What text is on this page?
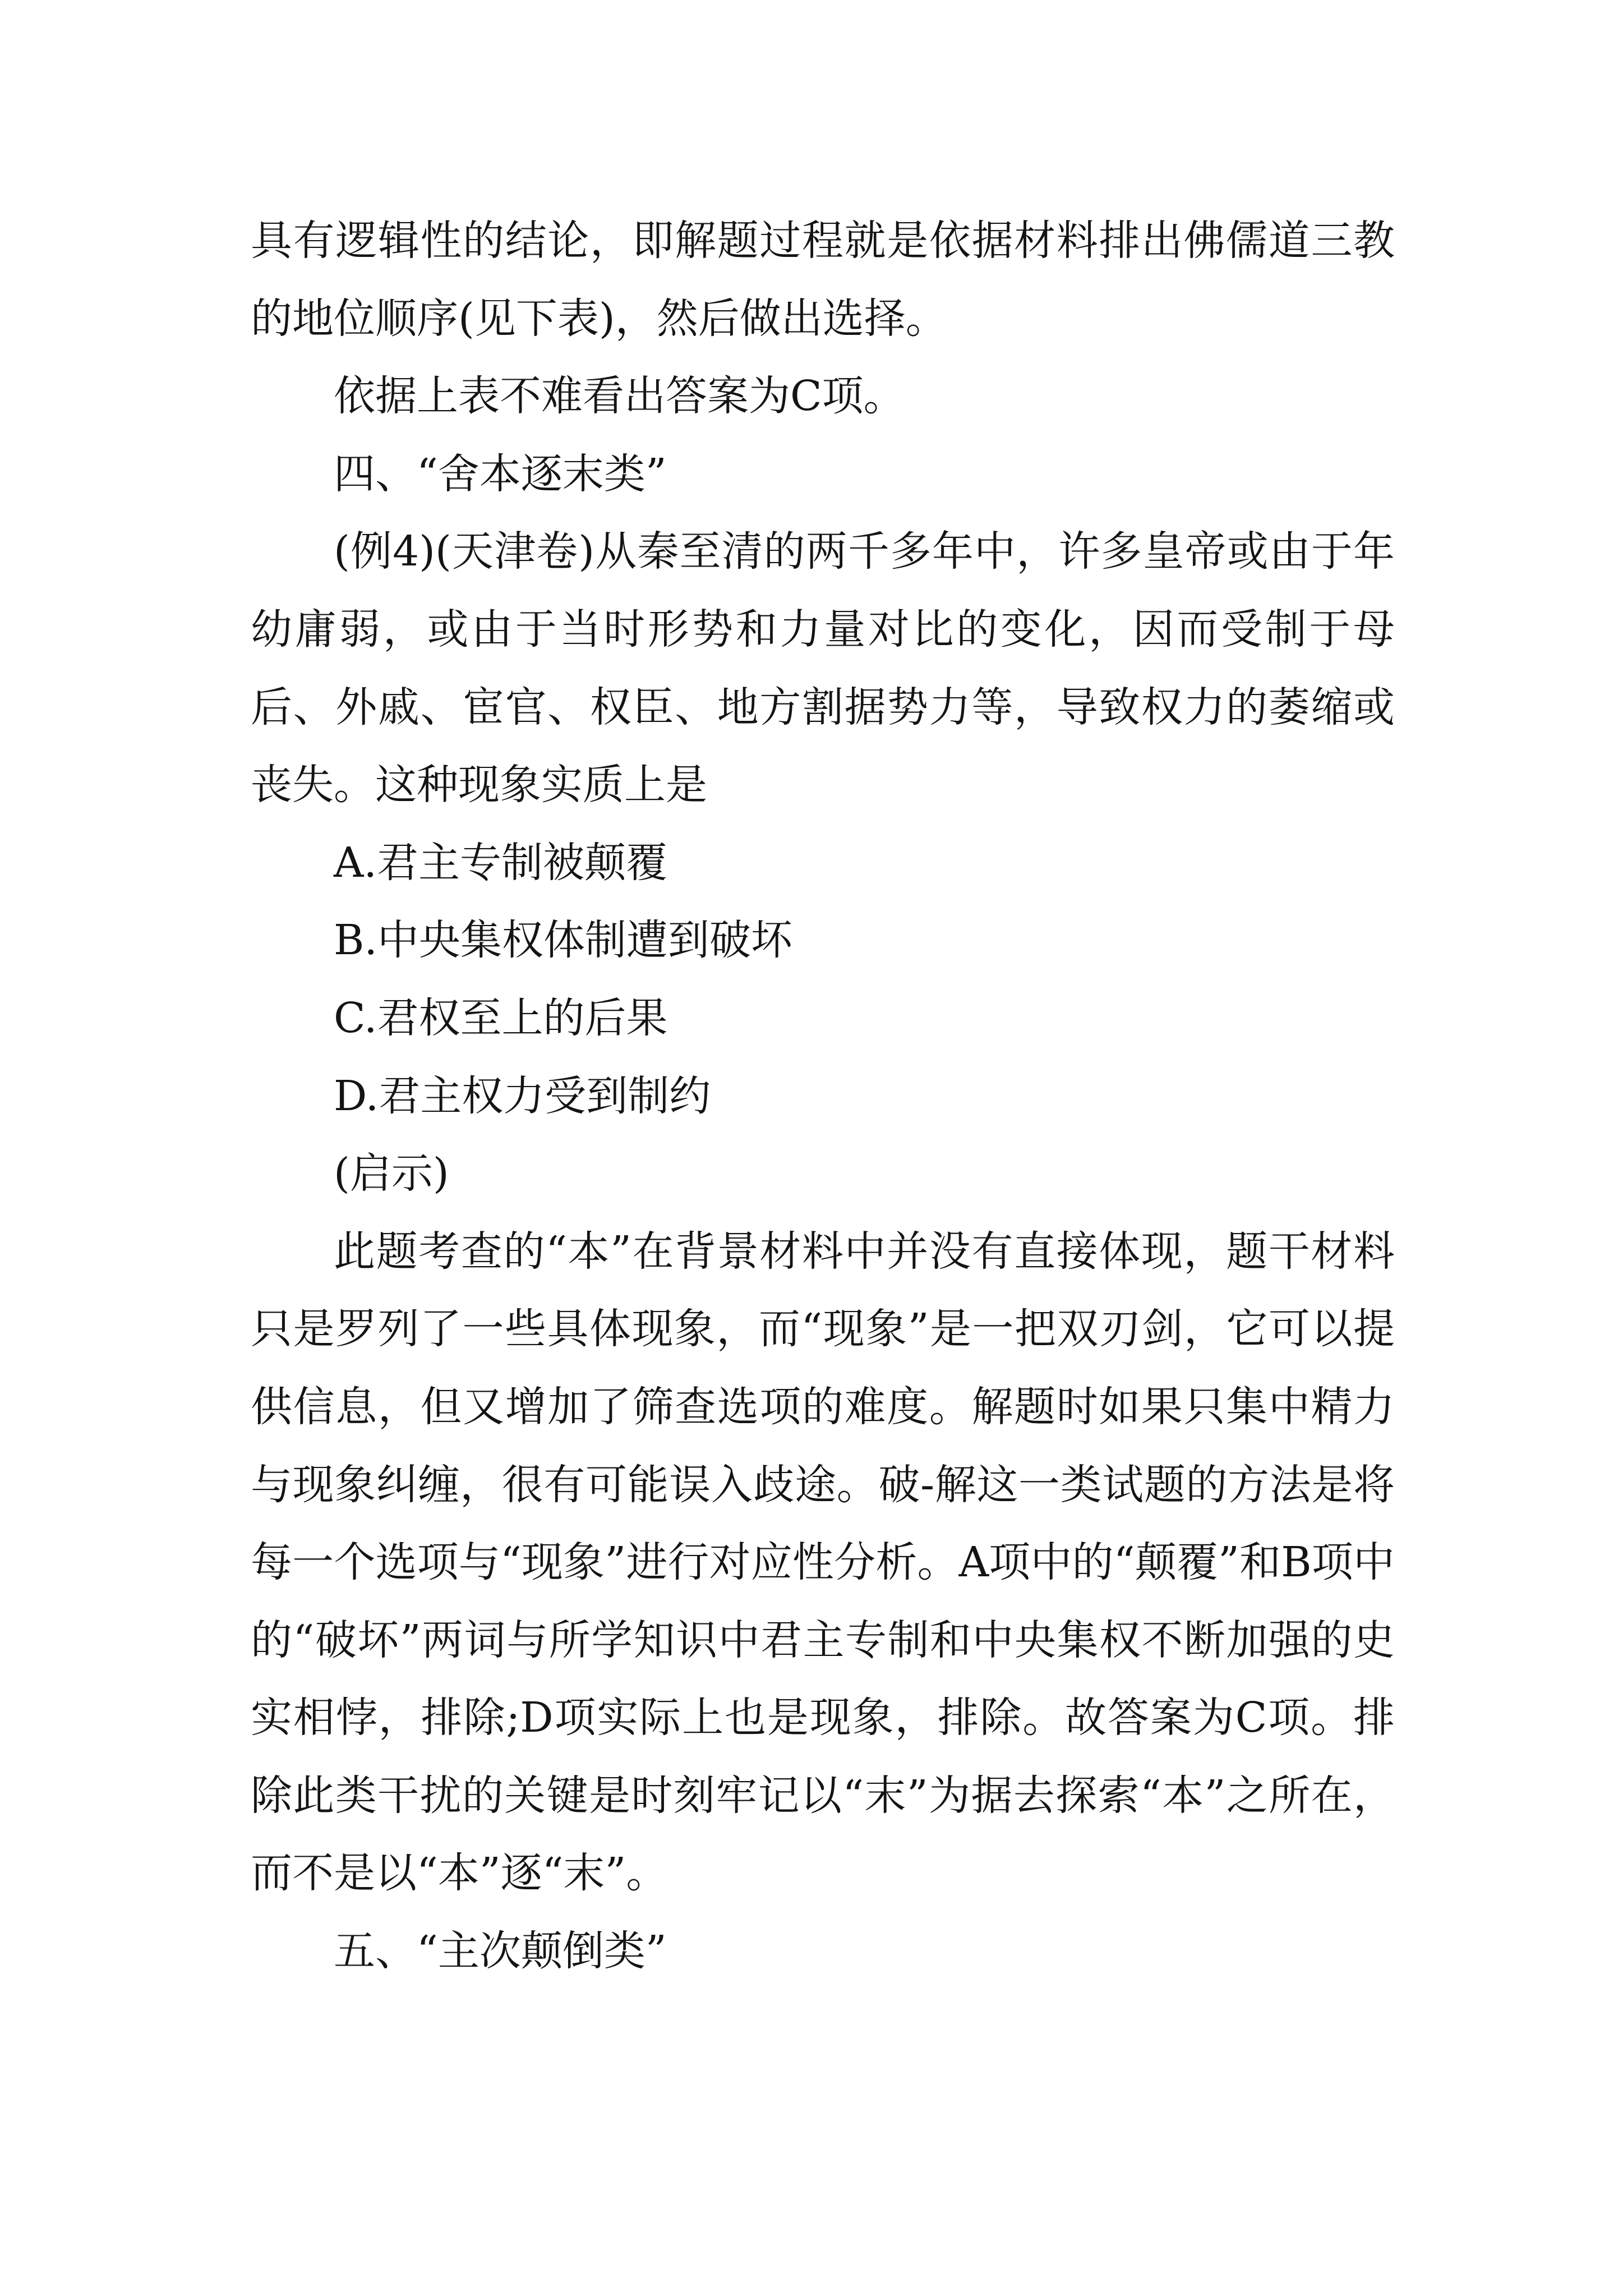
具有逻辑性的结论，即解题过程就是依据材料排出佛儒道三教的地位顺序(见下表)，然后做出选择。

依据上表不难看出答案为C项。

四、“舍本逐末类”

(例4)(天津卷)从秦至清的两千多年中，许多皇帝或由于年幼庸弱，或由于当时形势和力量对比的变化，因而受制于母后、外戚、宦官、权臣、地方割据势力等，导致权力的萎缩或丧失。这种现象实质上是

A.君主专制被颠覆

B.中央集权体制遭到破坏

C.君权至上的后果

D.君主权力受到制约

(启示)

此题考查的“本”在背景材料中并没有直接体现，题干材料只是罗列了一些具体现象，而“现象”是一把双刃剑，它可以提供信息，但又增加了筛查选项的难度。解题时如果只集中精力与现象纠缠，很有可能误入歧途。破-解这一类试题的方法是将每一个选项与“现象”进行对应性分析。A项中的“颠覆”和B项中的“破坏”两词与所学知识中君主专制和中央集权不断加强的史实相悖，排除;D项实际上也是现象，排除。故答案为C项。排除此类干扰的关键是时刻牢记以“末”为据去探索“本”之所在，而不是以“本”逐“末”。

五、“主次颠倒类”
